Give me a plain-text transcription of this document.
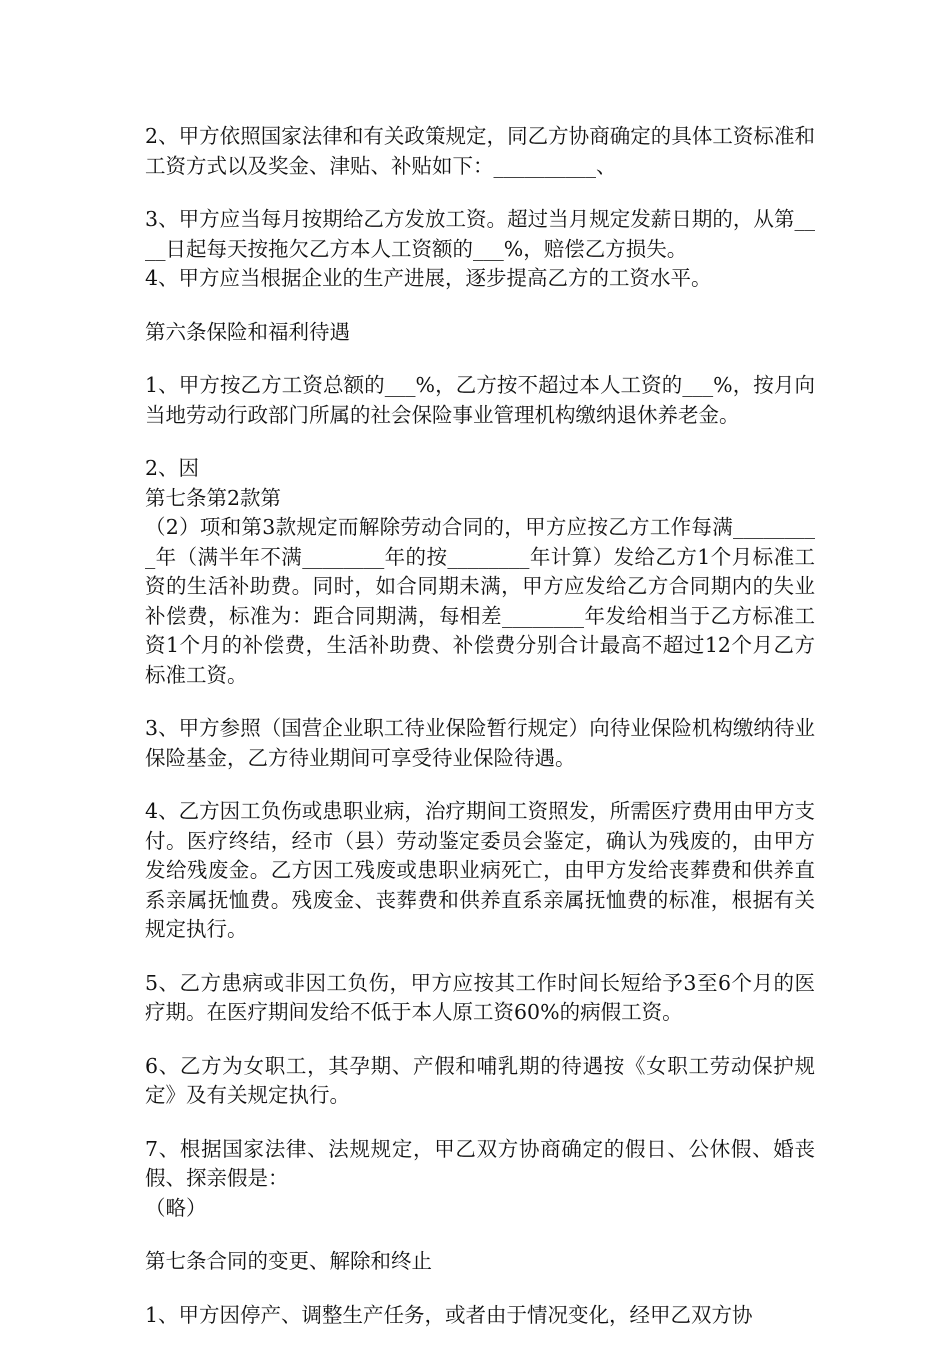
2、甲方依照国家法律和有关政策规定，同乙方协商确定的具体工资标准和工资方式以及奖金、津贴、补贴如下：__________、

3、甲方应当每月按期给乙方发放工资。超过当月规定发薪日期的，从第____日起每天按拖欠乙方本人工资额的___%，赔偿乙方损失。

4、甲方应当根据企业的生产进展，逐步提高乙方的工资水平。

第六条保险和福利待遇

1、甲方按乙方工资总额的___%，乙方按不超过本人工资的___%，按月向当地劳动行政部门所属的社会保险事业管理机构缴纳退休养老金。

2、因

第七条第2款第

（2）项和第3款规定而解除劳动合同的，甲方应按乙方工作每满_________年（满半年不满________年的按________年计算）发给乙方1个月标准工资的生活补助费。同时，如合同期未满，甲方应发给乙方合同期内的失业补偿费，标准为：距合同期满，每相差________年发给相当于乙方标准工资1个月的补偿费，生活补助费、补偿费分别合计最高不超过12个月乙方标准工资。

3、甲方参照（国营企业职工待业保险暂行规定）向待业保险机构缴纳待业保险基金，乙方待业期间可享受待业保险待遇。

4、乙方因工负伤或患职业病，治疗期间工资照发，所需医疗费用由甲方支付。医疗终结，经市（县）劳动鉴定委员会鉴定，确认为残废的，由甲方发给残废金。乙方因工残废或患职业病死亡，由甲方发给丧葬费和供养直系亲属抚恤费。残废金、丧葬费和供养直系亲属抚恤费的标准，根据有关规定执行。

5、乙方患病或非因工负伤，甲方应按其工作时间长短给予3至6个月的医疗期。在医疗期间发给不低于本人原工资60%的病假工资。

6、乙方为女职工，其孕期、产假和哺乳期的待遇按《女职工劳动保护规定》及有关规定执行。

7、根据国家法律、法规规定，甲乙双方协商确定的假日、公休假、婚丧假、探亲假是：

（略）

第七条合同的变更、解除和终止

1、甲方因停产、调整生产任务，或者由于情况变化，经甲乙双方协
